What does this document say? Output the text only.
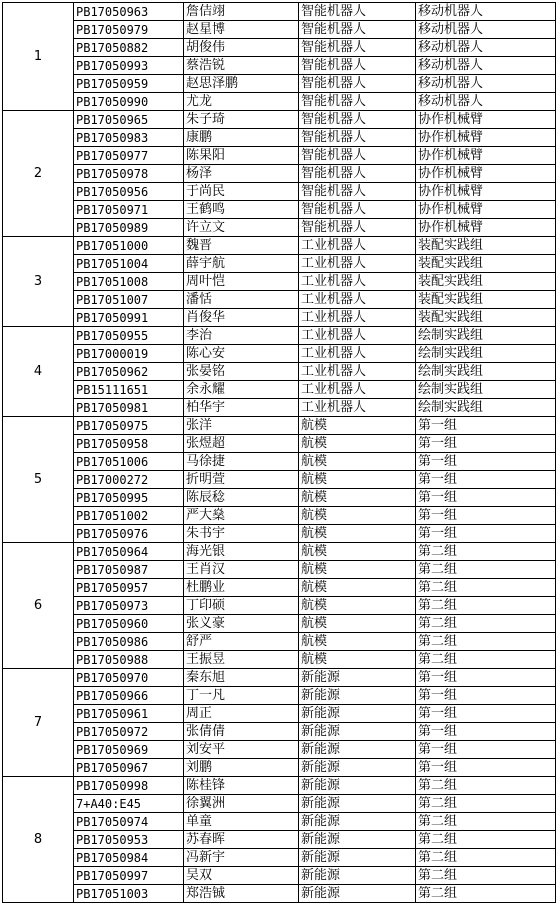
1	PB17050963	詹佶翊	智能机器人	移动机器人
	PB17050979	赵星博	智能机器人	移动机器人
	PB17050882	胡俊伟	智能机器人	移动机器人
	PB17050993	蔡浩锐	智能机器人	移动机器人
	PB17050959	赵思泽鹏	智能机器人	移动机器人
	PB17050990	尤龙	智能机器人	移动机器人
2	PB17050965	朱子琦	智能机器人	协作机械臂
	PB17050983	康鹏	智能机器人	协作机械臂
	PB17050977	陈果阳	智能机器人	协作机械臂
	PB17050978	杨泽	智能机器人	协作机械臂
	PB17050956	于尚民	智能机器人	协作机械臂
	PB17050971	王鹤鸣	智能机器人	协作机械臂
	PB17050989	许立文	智能机器人	协作机械臂
3	PB17051000	魏晋	工业机器人	装配实践组
	PB17051004	薛宇航	工业机器人	装配实践组
	PB17051008	周叶恺	工业机器人	装配实践组
	PB17051007	潘恬	工业机器人	装配实践组
	PB17050991	肖俊华	工业机器人	装配实践组
4	PB17050955	李治	工业机器人	绘制实践组
	PB17000019	陈心安	工业机器人	绘制实践组
	PB17050962	张晏铭	工业机器人	绘制实践组
	PB15111651	余永耀	工业机器人	绘制实践组
	PB17050981	柏华宇	工业机器人	绘制实践组
5	PB17050975	张洋	航模	第一组
	PB17050958	张煜超	航模	第一组
	PB17051006	马徐捷	航模	第一组
	PB17000272	折明萱	航模	第一组
	PB17050995	陈辰稔	航模	第一组
	PB17051002	严大燊	航模	第一组
	PB17050976	朱书宇	航模	第一组
6	PB17050964	海光银	航模	第二组
	PB17050987	王肖汉	航模	第二组
	PB17050957	杜鹏业	航模	第二组
	PB17050973	丁印硕	航模	第二组
	PB17050960	张义豪	航模	第二组
	PB17050986	舒严	航模	第二组
	PB17050988	王振昱	航模	第二组
7	PB17050970	秦东旭	新能源	第一组
	PB17050966	丁一凡	新能源	第一组
	PB17050961	周正	新能源	第一组
	PB17050972	张倩倩	新能源	第一组
	PB17050969	刘安平	新能源	第一组
	PB17050967	刘鹏	新能源	第一组
8	PB17050998	陈桂锋	新能源	第二组
	7+A40:E45	徐翼洲	新能源	第二组
	PB17050974	单童	新能源	第二组
	PB17050953	苏春晖	新能源	第二组
	PB17050984	冯新宇	新能源	第二组
	PB17050997	吴双	新能源	第二组
	PB17051003	郑浩铖	新能源	第二组
